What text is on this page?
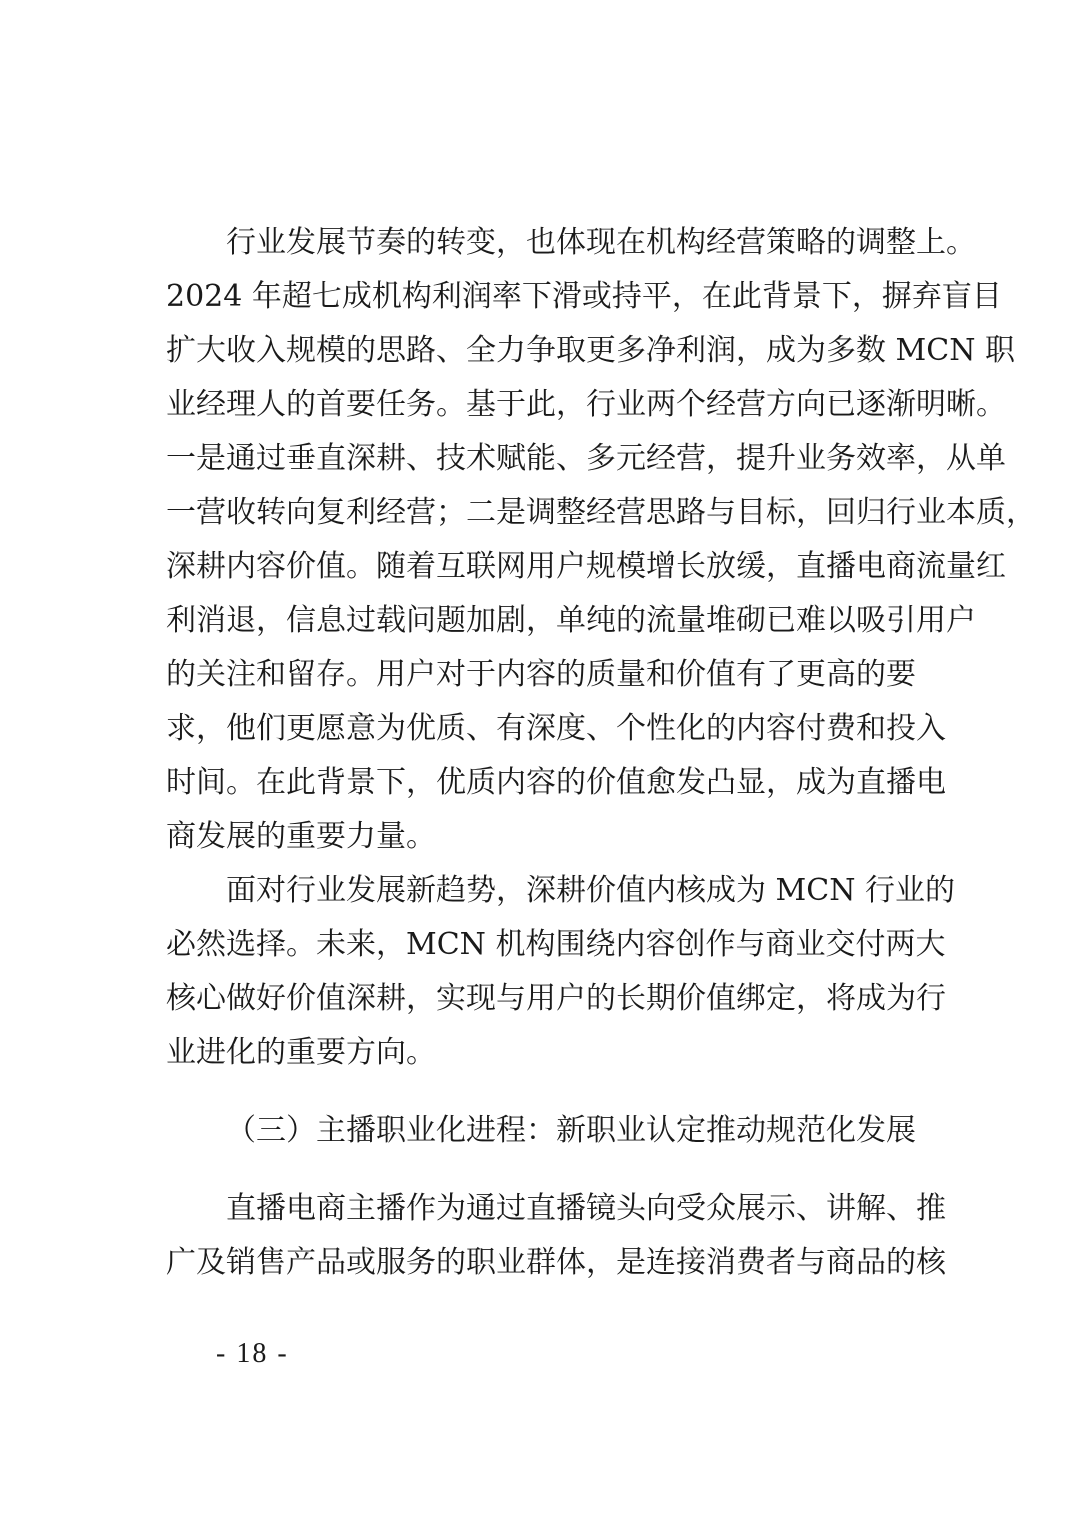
行业发展节奏的转变，也体现在机构经营策略的调整上。
2024 年超七成机构利润率下滑或持平，在此背景下，摒弃盲目
扩大收入规模的思路、全力争取更多净利润，成为多数 MCN 职
业经理人的首要任务。基于此，行业两个经营方向已逐渐明晰。
一是通过垂直深耕、技术赋能、多元经营，提升业务效率，从单
一营收转向复利经营；二是调整经营思路与目标，回归行业本质，
深耕内容价值。随着互联网用户规模增长放缓，直播电商流量红
利消退，信息过载问题加剧，单纯的流量堆砌已难以吸引用户
的关注和留存。用户对于内容的质量和价值有了更高的要
求，他们更愿意为优质、有深度、个性化的内容付费和投入
时间。在此背景下，优质内容的价值愈发凸显，成为直播电
商发展的重要力量。
面对行业发展新趋势，深耕价值内核成为 MCN 行业的
必然选择。未来，MCN 机构围绕内容创作与商业交付两大
核心做好价值深耕，实现与用户的长期价值绑定，将成为行
业进化的重要方向。
（三）主播职业化进程：新职业认定推动规范化发展
直播电商主播作为通过直播镜头向受众展示、讲解、推
广及销售产品或服务的职业群体，是连接消费者与商品的核
- 18 -
